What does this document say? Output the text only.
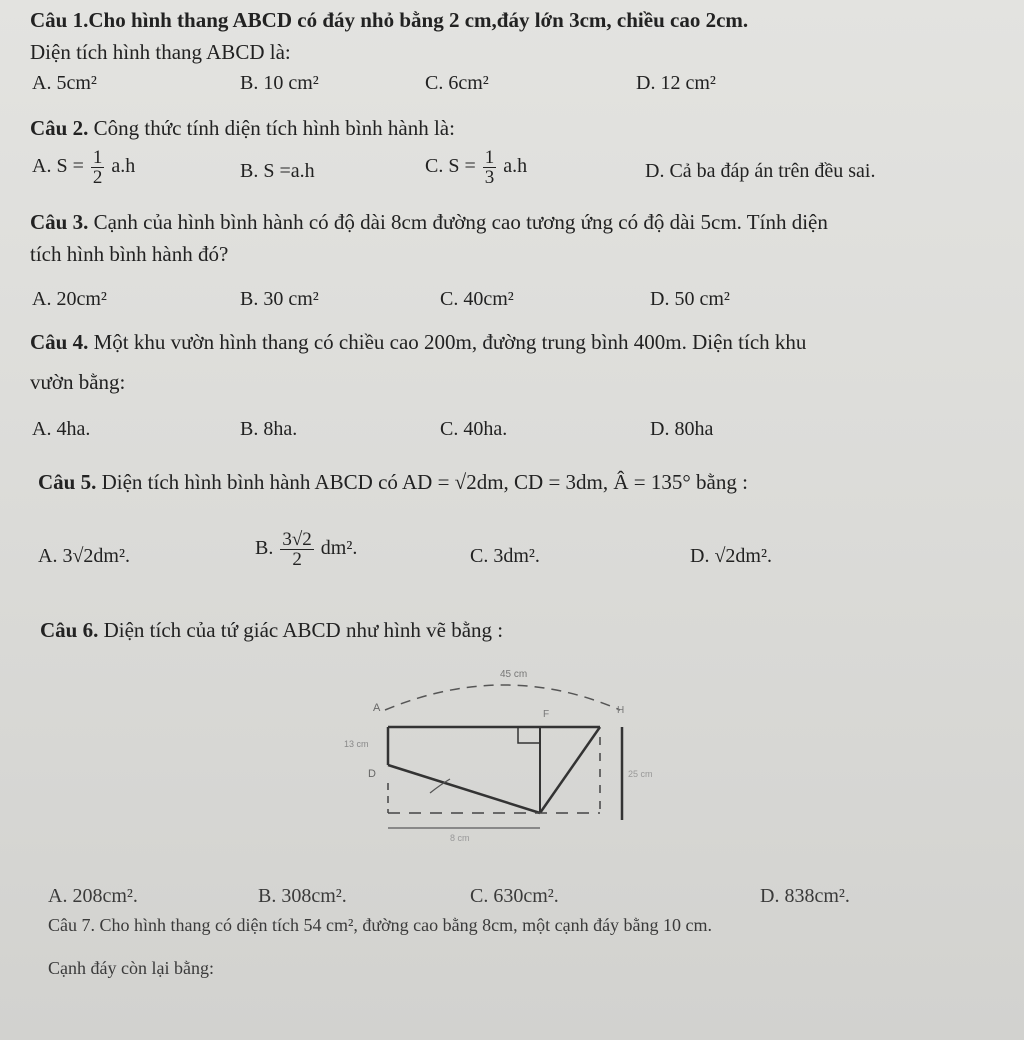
Câu 1.Cho hình thang ABCD có đáy nhỏ bằng 2 cm,đáy lớn 3cm, chiều cao 2cm.
Diện tích hình thang ABCD là:
A. 5cm²	B. 10 cm²	C. 6cm²	D. 12 cm²
Câu 2. Công thức tính diện tích hình bình hành là:
A. $S = \frac{1}{2} a.h$	B. S =a.h	C. $S = \frac{1}{3} a.h$	D. Cả ba đáp án trên đều sai.
Câu 3. Cạnh của hình bình hành có độ dài 8cm đường cao tương ứng có độ dài 5cm. Tính diện
tích hình bình hành đó?
A. 20cm²	B. 30 cm²	C. 40cm²	D. 50 cm²
Câu 4. Một khu vườn hình thang có chiều cao 200m, đường trung bình 400m. Diện tích khu
vườn bằng:
A. 4ha.	B. 8ha.	C. 40ha.	D. 80ha
Câu 5. Diện tích hình bình hành ABCD có AD = √2dm, CD = 3dm, Â = 135° bằng :
A. 3√2dm².	B. $\frac{3√2}{2} dm^2$.	C. 3dm².	D. √2dm².
Câu 6. Diện tích của tứ giác ABCD như hình vẽ bằng :
45 cm
A
F	H
13 cm
D	25 cm
8 cm
A. 208cm².	B. 308cm².	C. 630cm².	D. 838cm².
Câu 7. Cho hình thang có diện tích 54 cm², đường cao bằng 8cm, một cạnh đáy bằng 10 cm.
Cạnh đáy còn lại bằng:
